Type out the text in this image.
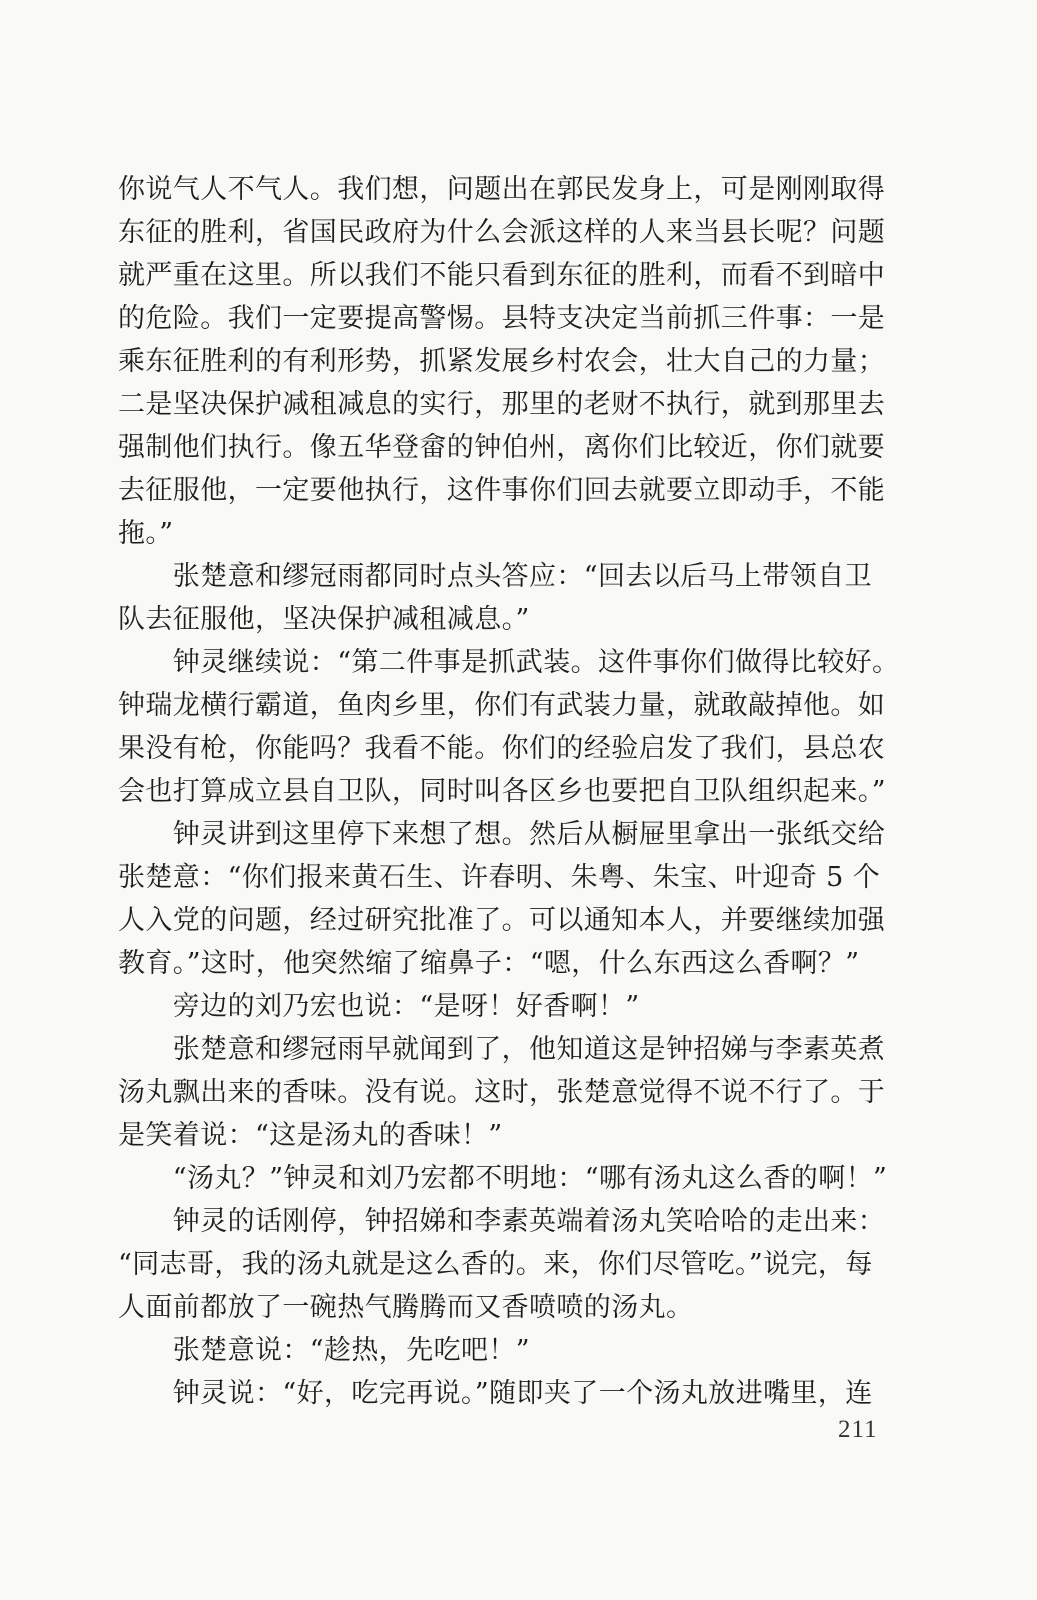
你说气人不气人。我们想，问题出在郭民发身上，可是刚刚取得
东征的胜利，省国民政府为什么会派这样的人来当县长呢？问题
就严重在这里。所以我们不能只看到东征的胜利，而看不到暗中
的危险。我们一定要提高警惕。县特支决定当前抓三件事：一是
乘东征胜利的有利形势，抓紧发展乡村农会，壮大自己的力量；
二是坚决保护减租减息的实行，那里的老财不执行，就到那里去
强制他们执行。像五华登畲的钟伯州，离你们比较近，你们就要
去征服他，一定要他执行，这件事你们回去就要立即动手，不能
拖。”
　　张楚意和缪冠雨都同时点头答应：“回去以后马上带领自卫
队去征服他，坚决保护减租减息。”
　　钟灵继续说：“第二件事是抓武装。这件事你们做得比较好。
钟瑞龙横行霸道，鱼肉乡里，你们有武装力量，就敢敲掉他。如
果没有枪，你能吗？我看不能。你们的经验启发了我们，县总农
会也打算成立县自卫队，同时叫各区乡也要把自卫队组织起来。”
　　钟灵讲到这里停下来想了想。然后从橱屉里拿出一张纸交给
张楚意：“你们报来黄石生、许春明、朱粤、朱宝、叶迎奇 5 个
人入党的问题，经过研究批准了。可以通知本人，并要继续加强
教育。”这时，他突然缩了缩鼻子：“嗯，什么东西这么香啊？”
　　旁边的刘乃宏也说：“是呀！好香啊！”
　　张楚意和缪冠雨早就闻到了，他知道这是钟招娣与李素英煮
汤丸飘出来的香味。没有说。这时，张楚意觉得不说不行了。于
是笑着说：“这是汤丸的香味！”
　　“汤丸？”钟灵和刘乃宏都不明地：“哪有汤丸这么香的啊！”
　　钟灵的话刚停，钟招娣和李素英端着汤丸笑哈哈的走出来：
“同志哥，我的汤丸就是这么香的。来，你们尽管吃。”说完，每
人面前都放了一碗热气腾腾而又香喷喷的汤丸。
　　张楚意说：“趁热，先吃吧！”
　　钟灵说：“好，吃完再说。”随即夹了一个汤丸放进嘴里，连
211
